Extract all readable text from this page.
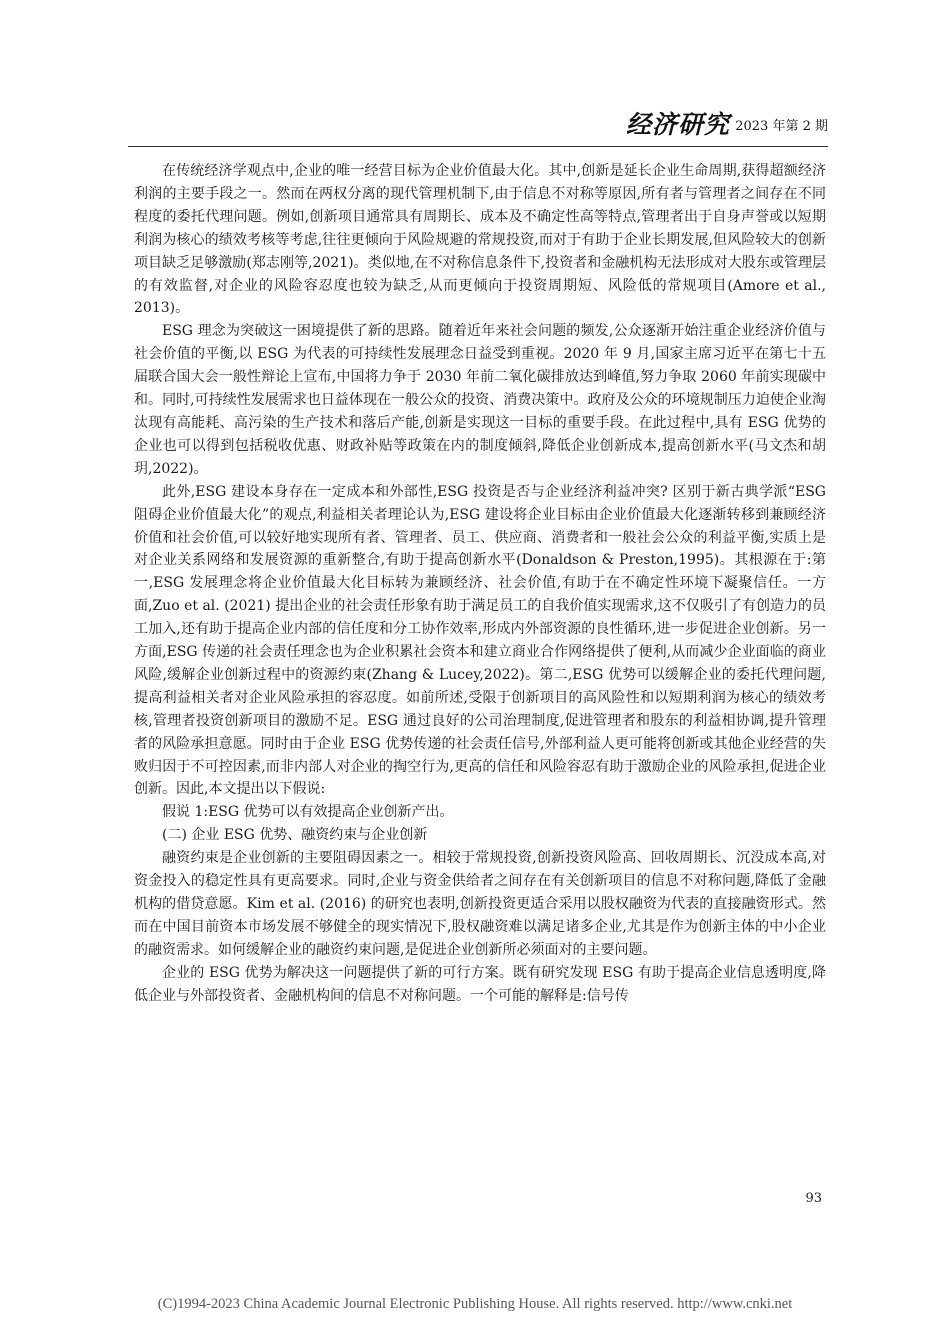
经济研究 2023 年第 2 期

在传统经济学观点中,企业的唯一经营目标为企业价值最大化。其中,创新是延长企业生命周期,获得超额经济利润的主要手段之一。然而在两权分离的现代管理机制下,由于信息不对称等原因,所有者与管理者之间存在不同程度的委托代理问题。例如,创新项目通常具有周期长、成本及不确定性高等特点,管理者出于自身声誉或以短期利润为核心的绩效考核等考虑,往往更倾向于风险规避的常规投资,而对于有助于企业长期发展,但风险较大的创新项目缺乏足够激励(郑志刚等,2021)。类似地,在不对称信息条件下,投资者和金融机构无法形成对大股东或管理层的有效监督,对企业的风险容忍度也较为缺乏,从而更倾向于投资周期短、风险低的常规项目(Amore et al., 2013)。

ESG 理念为突破这一困境提供了新的思路。随着近年来社会问题的频发,公众逐渐开始注重企业经济价值与社会价值的平衡,以 ESG 为代表的可持续性发展理念日益受到重视。2020 年 9 月,国家主席习近平在第七十五届联合国大会一般性辩论上宣布,中国将力争于 2030 年前二氧化碳排放达到峰值,努力争取 2060 年前实现碳中和。同时,可持续性发展需求也日益体现在一般公众的投资、消费决策中。政府及公众的环境规制压力迫使企业淘汰现有高能耗、高污染的生产技术和落后产能,创新是实现这一目标的重要手段。在此过程中,具有 ESG 优势的企业也可以得到包括税收优惠、财政补贴等政策在内的制度倾斜,降低企业创新成本,提高创新水平(马文杰和胡玥,2022)。

此外,ESG 建设本身存在一定成本和外部性,ESG 投资是否与企业经济利益冲突? 区别于新古典学派“ESG 阻碍企业价值最大化”的观点,利益相关者理论认为,ESG 建设将企业目标由企业价值最大化逐渐转移到兼顾经济价值和社会价值,可以较好地实现所有者、管理者、员工、供应商、消费者和一般社会公众的利益平衡,实质上是对企业关系网络和发展资源的重新整合,有助于提高创新水平(Donaldson & Preston,1995)。其根源在于:第一,ESG 发展理念将企业价值最大化目标转为兼顾经济、社会价值,有助于在不确定性环境下凝聚信任。一方面,Zuo et al. (2021) 提出企业的社会责任形象有助于满足员工的自我价值实现需求,这不仅吸引了有创造力的员工加入,还有助于提高企业内部的信任度和分工协作效率,形成内外部资源的良性循环,进一步促进企业创新。另一方面,ESG 传递的社会责任理念也为企业积累社会资本和建立商业合作网络提供了便利,从而减少企业面临的商业风险,缓解企业创新过程中的资源约束(Zhang & Lucey,2022)。第二,ESG 优势可以缓解企业的委托代理问题,提高利益相关者对企业风险承担的容忍度。如前所述,受限于创新项目的高风险性和以短期利润为核心的绩效考核,管理者投资创新项目的激励不足。ESG 通过良好的公司治理制度,促进管理者和股东的利益相协调,提升管理者的风险承担意愿。同时由于企业 ESG 优势传递的社会责任信号,外部利益人更可能将创新或其他企业经营的失败归因于不可控因素,而非内部人对企业的掏空行为,更高的信任和风险容忍有助于激励企业的风险承担,促进企业创新。因此,本文提出以下假说:

假说 1:ESG 优势可以有效提高企业创新产出。

(二) 企业 ESG 优势、融资约束与企业创新

融资约束是企业创新的主要阻碍因素之一。相较于常规投资,创新投资风险高、回收周期长、沉没成本高,对资金投入的稳定性具有更高要求。同时,企业与资金供给者之间存在有关创新项目的信息不对称问题,降低了金融机构的借贷意愿。Kim et al. (2016) 的研究也表明,创新投资更适合采用以股权融资为代表的直接融资形式。然而在中国目前资本市场发展不够健全的现实情况下,股权融资难以满足诸多企业,尤其是作为创新主体的中小企业的融资需求。如何缓解企业的融资约束问题,是促进企业创新所必须面对的主要问题。

企业的 ESG 优势为解决这一问题提供了新的可行方案。既有研究发现 ESG 有助于提高企业信息透明度,降低企业与外部投资者、金融机构间的信息不对称问题。一个可能的解释是:信号传

93
(C)1994-2023 China Academic Journal Electronic Publishing House. All rights reserved. http://www.cnki.net
